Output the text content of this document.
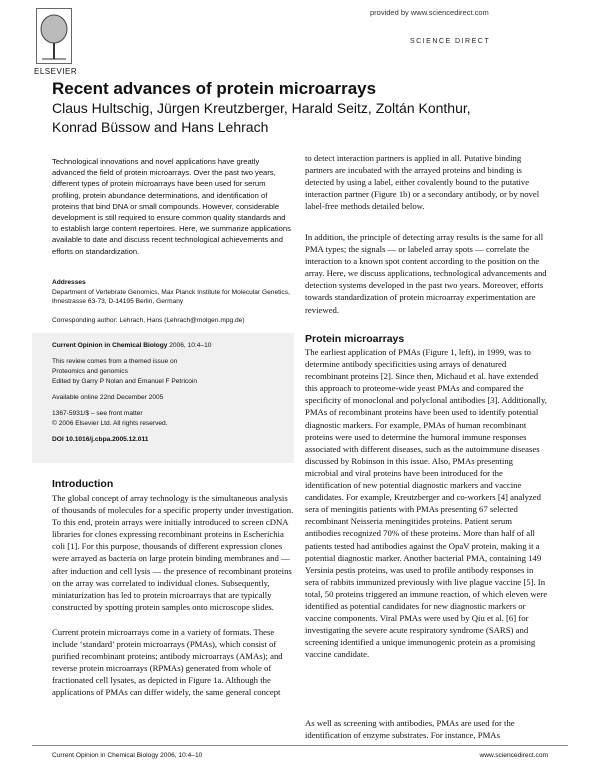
ELSEVIER
provided by www.sciencedirect.com
SCIENCE DIRECT
Recent advances of protein microarrays
Claus Hultschig, Jürgen Kreutzberger, Harald Seitz, Zoltán Konthur, Konrad Büssow and Hans Lehrach
Technological innovations and novel applications have greatly advanced the field of protein microarrays. Over the past two years, different types of protein microarrays have been used for serum profiling, protein abundance determinations, and identification of proteins that bind DNA or small compounds. However, considerable development is still required to ensure common quality standards and to establish large content repertoires. Here, we summarize applications available to date and discuss recent technological achievements and efforts on standardization.
Addresses
Department of Vertebrate Genomics, Max Planck Institute for Molecular Genetics, Ihnestrasse 63-73, D-14195 Berlin, Germany
Corresponding author: Lehrach, Hans (Lehrach@molgen.mpg.de)
Current Opinion in Chemical Biology 2006, 10:4–10
This review comes from a themed issue on
Proteomics and genomics
Edited by Garry P Nolan and Emanuel F Petricoin
Available online 22nd December 2005
1367-5931/$ – see front matter
© 2006 Elsevier Ltd. All rights reserved.
DOI 10.1016/j.cbpa.2005.12.011
Introduction

The global concept of array technology is the simultaneous analysis of thousands of molecules for a specific property under investigation. To this end, protein arrays were initially introduced to screen cDNA libraries for clones expressing recombinant proteins in Escherichia coli [1]. For this purpose, thousands of different expression clones were arrayed as bacteria on large protein binding membranes and — after induction and cell lysis — the presence of recombinant proteins on the array was correlated to individual clones. Subsequently, miniaturization has led to protein microarrays that are typically constructed by spotting protein samples onto microscope slides.

Current protein microarrays come in a variety of formats. These include ‘standard’ protein microarrays (PMAs), which consist of purified recombinant proteins; antibody microarrays (AMAs); and reverse protein microarrays (RPMAs) generated from whole of fractionated cell lysates, as depicted in Figure 1a. Although the applications of PMAs can differ widely, the same general concept

to detect interaction partners is applied in all. Putative binding partners are incubated with the arrayed proteins and binding is detected by using a label, either covalently bound to the putative interaction partner (Figure 1b) or a secondary antibody, or by novel label-free methods detailed below.

In addition, the principle of detecting array results is the same for all PMA types; the signals — or labeled array spots — correlate the interaction to a known spot content according to the position on the array. Here, we discuss applications, technological advancements and detection systems developed in the past two years. Moreover, efforts towards standardization of protein microarray experimentation are reviewed.

Protein microarrays

The earliest application of PMAs (Figure 1, left), in 1999, was to determine antibody specificities using arrays of denatured recombinant proteins [2]. Since then, Michaud et al. have extended this approach to proteome-wide yeast PMAs and compared the specificity of monoclonal and polyclonal antibodies [3]. Additionally, PMAs of recombinant proteins have been used to identify potential diagnostic markers. For example, PMAs of human recombinant proteins were used to determine the humoral immune responses associated with different diseases, such as the autoimmune diseases discussed by Robinson in this issue. Also, PMAs presenting microbial and viral proteins have been introduced for the identification of new potential diagnostic markers and vaccine candidates. For example, Kreutzberger and co-workers [4] analyzed sera of meningitis patients with PMAs presenting 67 selected recombinant Neisseria meningitides proteins. Patient serum antibodies recognized 70% of these proteins. More than half of all patients tested had antibodies against the OpaV protein, making it a potential diagnostic marker. Another bacterial PMA, containing 149 Yersinia pestis proteins, was used to profile antibody responses in sera of rabbits immunized previously with live plague vaccine [5]. In total, 50 proteins triggered an immune reaction, of which eleven were identified as potential candidates for new diagnostic markers or vaccine components. Viral PMAs were used by Qiu et al. [6] for investigating the severe acute respiratory syndrome (SARS) and screening identified a unique immunogenic protein as a promising vaccine candidate.

As well as screening with antibodies, PMAs are used for the identification of enzyme substrates. For instance, PMAs

Current Opinion in Chemical Biology 2006, 10:4–10	www.sciencedirect.com
